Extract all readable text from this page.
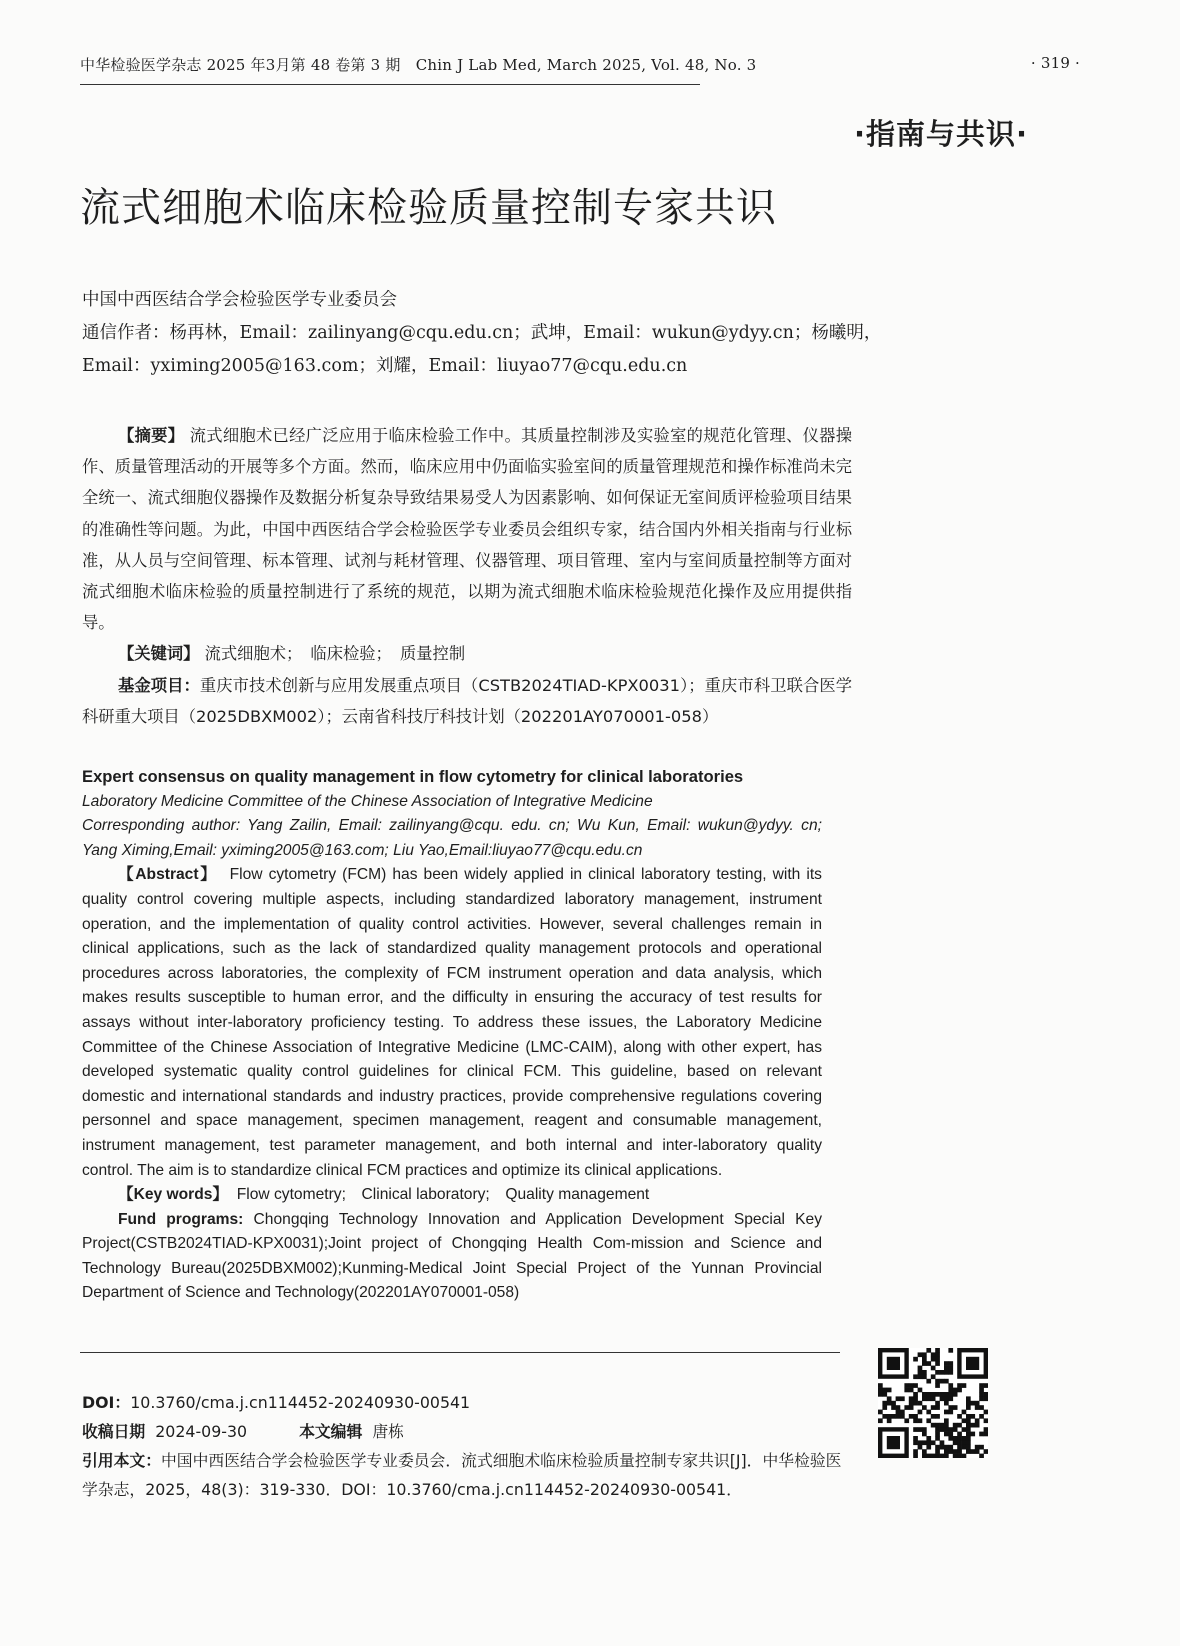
中华检验医学杂志 2025 年3月第 48 卷第 3 期　Chin J Lab Med, March 2025, Vol. 48, No. 3	· 319 ·
·指南与共识·
流式细胞术临床检验质量控制专家共识

中国中西医结合学会检验医学专业委员会

通信作者：杨再林，Email：zailinyang@cqu.edu.cn；武坤，Email：wukun@ydyy.cn；杨曦明，

Email：yximing2005@163.com；刘耀，Email：liuyao77@cqu.edu.cn

【摘要】 流式细胞术已经广泛应用于临床检验工作中。其质量控制涉及实验室的规范化管理、仪器操作、质量管理活动的开展等多个方面。然而，临床应用中仍面临实验室间的质量管理规范和操作标准尚未完全统一、流式细胞仪器操作及数据分析复杂导致结果易受人为因素影响、如何保证无室间质评检验项目结果的准确性等问题。为此，中国中西医结合学会检验医学专业委员会组织专家，结合国内外相关指南与行业标准，从人员与空间管理、标本管理、试剂与耗材管理、仪器管理、项目管理、室内与室间质量控制等方面对流式细胞术临床检验的质量控制进行了系统的规范，以期为流式细胞术临床检验规范化操作及应用提供指导。

【关键词】 流式细胞术；　临床检验；　质量控制

基金项目：重庆市技术创新与应用发展重点项目（CSTB2024TIAD-KPX0031）；重庆市科卫联合医学科研重大项目（2025DBXM002）；云南省科技厅科技计划（202201AY070001-058）

Expert consensus on quality management in flow cytometry for clinical laboratories

Laboratory Medicine Committee of the Chinese Association of Integrative Medicine

Corresponding author: Yang Zailin, Email: zailinyang@cqu. edu. cn; Wu Kun, Email: wukun@ydyy. cn; Yang Ximing,Email: yximing2005@163.com; Liu Yao,Email:liuyao77@cqu.edu.cn

【Abstract】 Flow cytometry (FCM) has been widely applied in clinical laboratory testing, with its quality control covering multiple aspects, including standardized laboratory management, instrument operation, and the implementation of quality control activities. However, several challenges remain in clinical applications, such as the lack of standardized quality management protocols and operational procedures across laboratories, the complexity of FCM instrument operation and data analysis, which makes results susceptible to human error, and the difficulty in ensuring the accuracy of test results for assays without inter-laboratory proficiency testing. To address these issues, the Laboratory Medicine Committee of the Chinese Association of Integrative Medicine (LMC-CAIM), along with other expert, has developed systematic quality control guidelines for clinical FCM. This guideline, based on relevant domestic and international standards and industry practices, provide comprehensive regulations covering personnel and space management, specimen management, reagent and consumable management, instrument management, test parameter management, and both internal and inter-laboratory quality control. The aim is to standardize clinical FCM practices and optimize its clinical applications.

【Key words】 Flow cytometry;　Clinical laboratory;　Quality management

Fund programs: Chongqing Technology Innovation and Application Development Special Key Project(CSTB2024TIAD-KPX0031);Joint project of Chongqing Health Com-mission and Science and Technology Bureau(2025DBXM002);Kunming-Medical Joint Special Project of the Yunnan Provincial Department of Science and Technology(202201AY070001-058)

DOI：10.3760/cma.j.cn114452-20240930-00541

收稿日期 2024-09-30	本文编辑 唐栋

引用本文：中国中西医结合学会检验医学专业委员会．流式细胞术临床检验质量控制专家共识[J]．中华检验医学杂志，2025，48(3)：319-330．DOI：10.3760/cma.j.cn114452-20240930-00541．
